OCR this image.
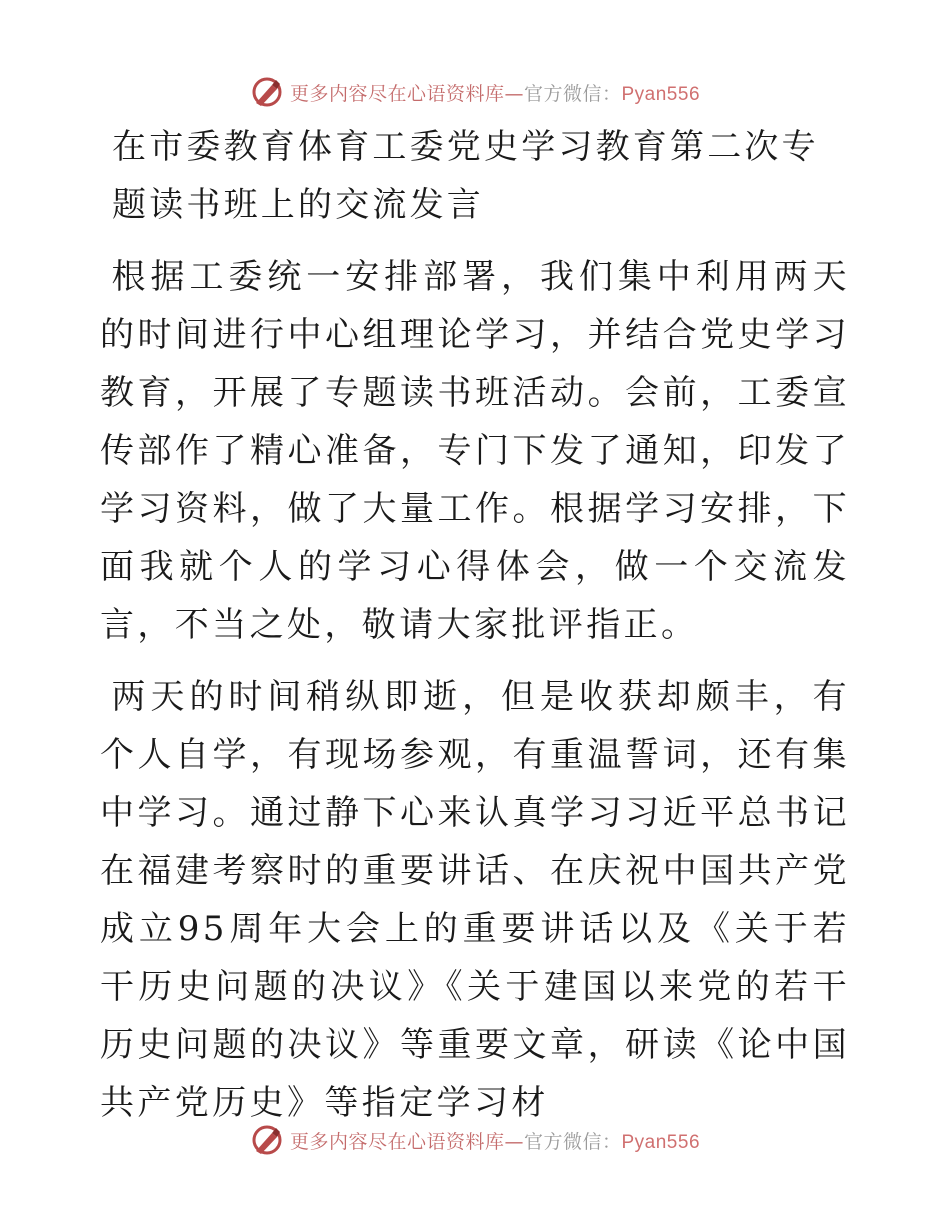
更多内容尽在心语资料库—官方微信：Pyan556
在市委教育体育工委党史学习教育第二次专题读书班上的交流发言

根据工委统一安排部署，我们集中利用两天的时间进行中心组理论学习，并结合党史学习教育，开展了专题读书班活动。会前，工委宣传部作了精心准备，专门下发了通知，印发了学习资料，做了大量工作。根据学习安排，下面我就个人的学习心得体会，做一个交流发言，不当之处，敬请大家批评指正。

两天的时间稍纵即逝，但是收获却颇丰，有个人自学，有现场参观，有重温誓词，还有集中学习。通过静下心来认真学习习近平总书记在福建考察时的重要讲话、在庆祝中国共产党成立95周年大会上的重要讲话以及《关于若干历史问题的决议》《关于建国以来党的若干历史问题的决议》等重要文章，研读《论中国共产党历史》等指定学习材

更多内容尽在心语资料库—官方微信：Pyan556
